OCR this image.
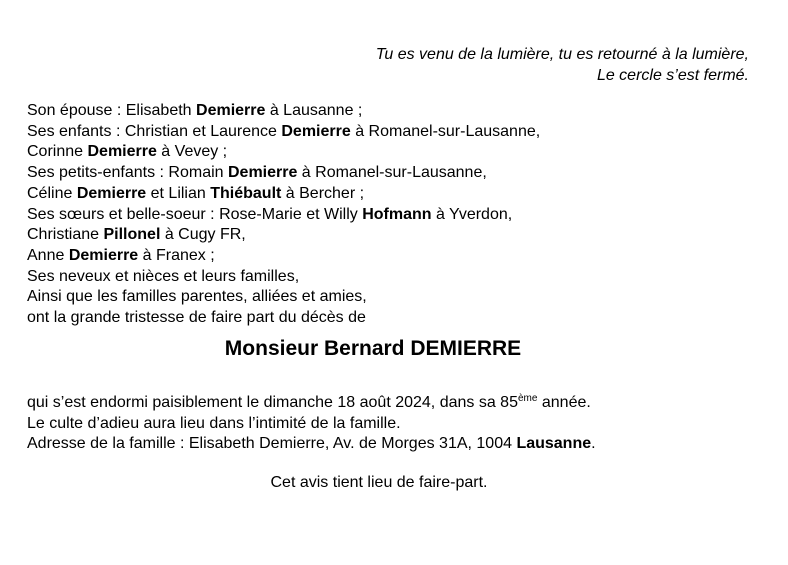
Tu es venu de la lumière, tu es retourné à la lumière,
Le cercle s’est fermé.
Son épouse : Elisabeth Demierre à Lausanne ;
Ses enfants : Christian et Laurence Demierre à Romanel-sur-Lausanne,
Corinne Demierre à Vevey ;
Ses petits-enfants : Romain Demierre à Romanel-sur-Lausanne,
Céline Demierre et Lilian Thiébault à Bercher ;
Ses sœurs et belle-soeur : Rose-Marie et Willy Hofmann à Yverdon,
Christiane Pillonel à Cugy FR,
Anne Demierre à Franex ;
Ses neveux et nièces et leurs familles,
Ainsi que les familles parentes, alliées et amies,
ont la grande tristesse de faire part du décès de
Monsieur Bernard DEMIERRE
qui s’est endormi paisiblement le dimanche 18 août 2024, dans sa 85ème année.
Le culte d’adieu aura lieu dans l’intimité de la famille.
Adresse de la famille : Elisabeth Demierre, Av. de Morges 31A, 1004 Lausanne.
Cet avis tient lieu de faire-part.
